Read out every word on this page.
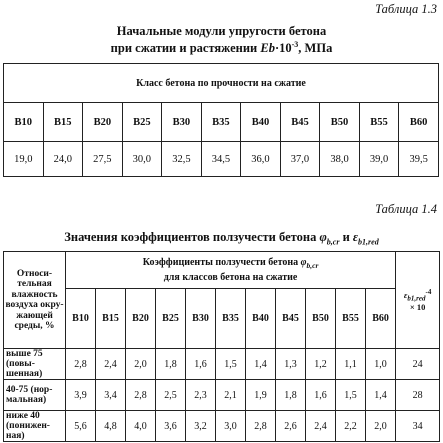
Таблица 1.3
Начальные модули упругости бетона
при сжатии и растяжении $Eb\cdot 10^{-3}$, МПа
Класс бетона по прочности на сжатие										
B10	B15	B20	B25	B30	B35	B40	B45	B50	B55	B60
19,0	24,0	27,5	30,0	32,5	34,5	36,0	37,0	38,0	39,0	39,5
Таблица 1.4
Значения коэффициентов ползучести бетона $\varphi_{b,cr}$ и $\varepsilon_{b1,red}$
Относи-тельная влажность воздуха окру-жающей среды, %	Коэффициенты ползучести бетона $\varphi_{b,cr}$
для классов бетона на сжатие											$\varepsilon_{b1,red}^{-4}$
× 10
	B10	B15	B20	B25	B30	B35	B40	B45	B50	B55	B60	
выше 75 (повы-шенная)	2,8	2,4	2,0	1,8	1,6	1,5	1,4	1,3	1,2	1,1	1,0	24
40-75 (нор-мальная)	3,9	3,4	2,8	2,5	2,3	2,1	1,9	1,8	1,6	1,5	1,4	28
ниже 40 (понижен-ная)	5,6	4,8	4,0	3,6	3,2	3,0	2,8	2,6	2,4	2,2	2,0	34
